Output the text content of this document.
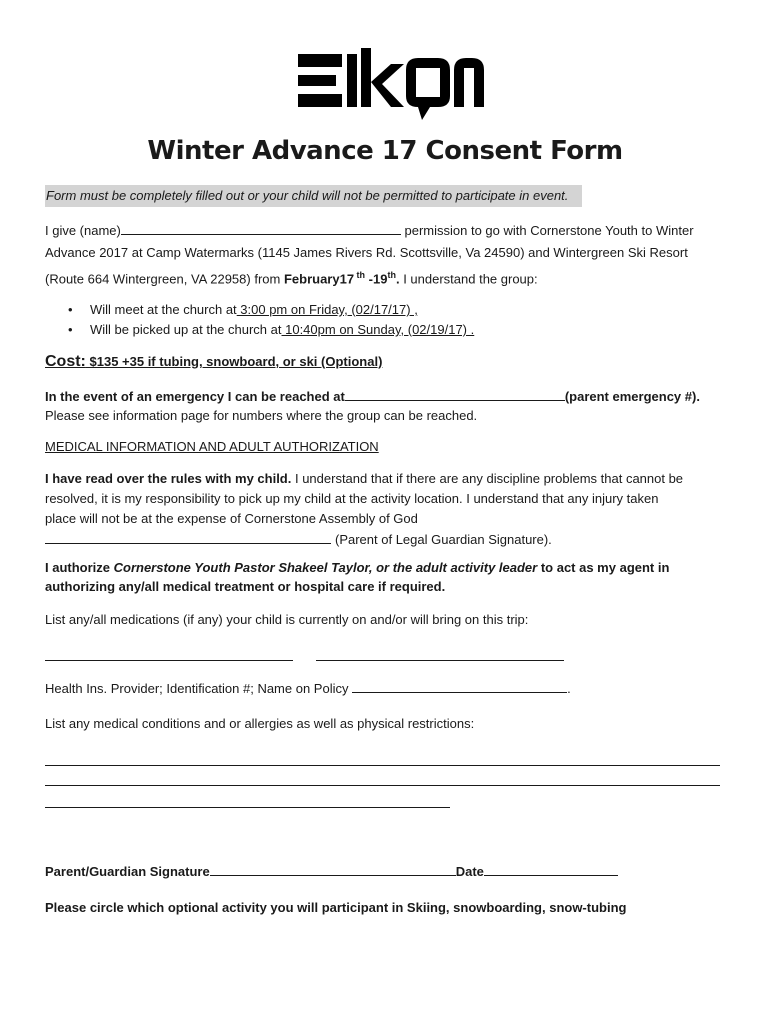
EIKON
Winter Advance 17 Consent Form
Form must be completely filled out or your child will not be permitted to participate in event.
I give (name)	permission to go with Cornerstone Youth to Winter
Advance 2017 at Camp Watermarks (1145 James Rivers Rd. Scottsville, Va 24590) and Wintergreen Ski Resort
(Route 664 Wintergreen, VA 22958) from February17 $^{th}$ -19th. I understand the group:
• Will meet at the church at 3:00 pm on Friday, (02/17/17) ,
• Will be picked up at the church at 10:40pm on Sunday, (02/19/17) .
Cost: $135 +35 if tubing, snowboard, or ski (Optional)
In the event of an emergency I can be reached at	(parent emergency #).
Please see information page for numbers where the group can be reached.
MEDICAL INFORMATION AND ADULT AUTHORIZATION
I have read over the rules with my child. I understand that if there are any discipline problems that cannot be
resolved, it is my responsibility to pick up my child at the activity location. I understand that any injury taken
place will not be at the expense of Cornerstone Assembly of God
(Parent of Legal Guardian Signature).
I authorize Cornerstone Youth Pastor Shakeel Taylor, or the adult activity leader to act as my agent in
authorizing any/all medical treatment or hospital care if required.
List any/all medications (if any) your child is currently on and/or will bring on this trip:
Health Ins. Provider; Identification #; Name on Policy	.
List any medical conditions and or allergies as well as physical restrictions:
Parent/Guardian Signature	Date
Please circle which optional activity you will participant in Skiing, snowboarding, snow-tubing
